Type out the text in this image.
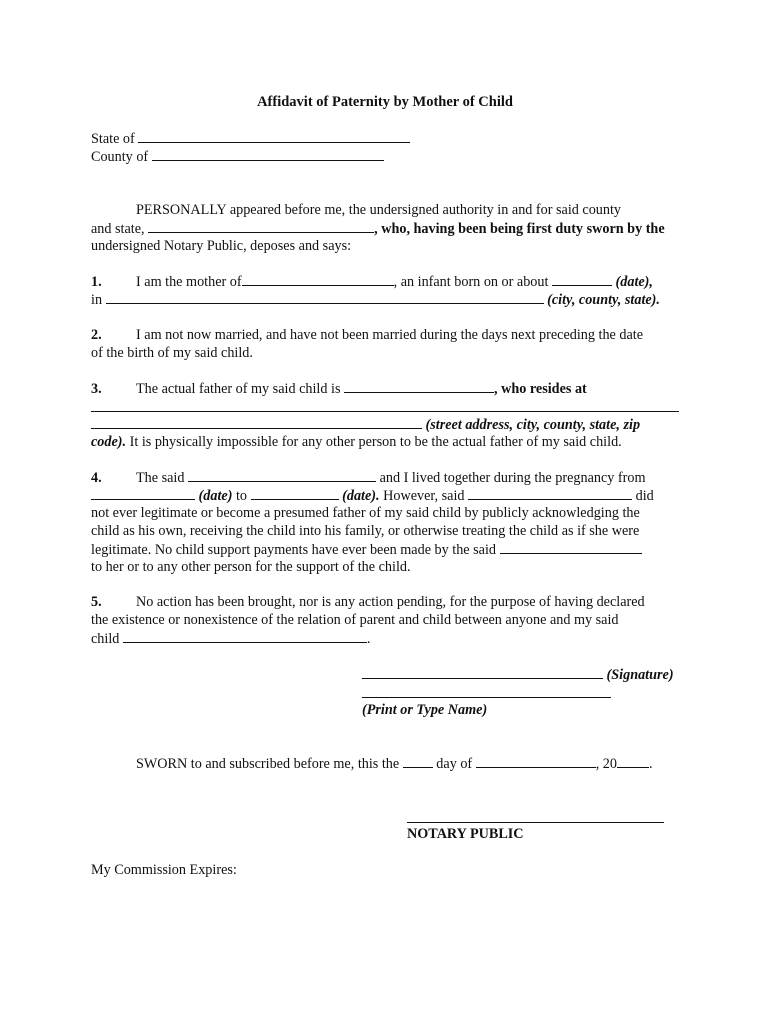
Affidavit of Paternity by Mother of Child
State of
County of
PERSONALLY appeared before me, the undersigned authority in and for said county
and state,	, who, having been being first duty sworn by the
undersigned Notary Public, deposes and says:
1. I am the mother of	, an infant born on or about	(date),
in	(city, county, state).
2. I am not now married, and have not been married during the days next preceding the date
of the birth of my said child.
3. The actual father of my said child is	, who resides at
(street address, city, county, state, zip
code). It is physically impossible for any other person to be the actual father of my said child.
4. The said	and I lived together during the pregnancy from
(date) to	(date). However, said	did
not ever legitimate or become a presumed father of my said child by publicly acknowledging the
child as his own, receiving the child into his family, or otherwise treating the child as if she were
legitimate. No child support payments have ever been made by the said
to her or to any other person for the support of the child.
5. No action has been brought, nor is any action pending, for the purpose of having declared
the existence or nonexistence of the relation of parent and child between anyone and my said
child	.
(Signature)
(Print or Type Name)
SWORN to and subscribed before me, this the	day of	, 20 .
NOTARY PUBLIC
My Commission Expires:
